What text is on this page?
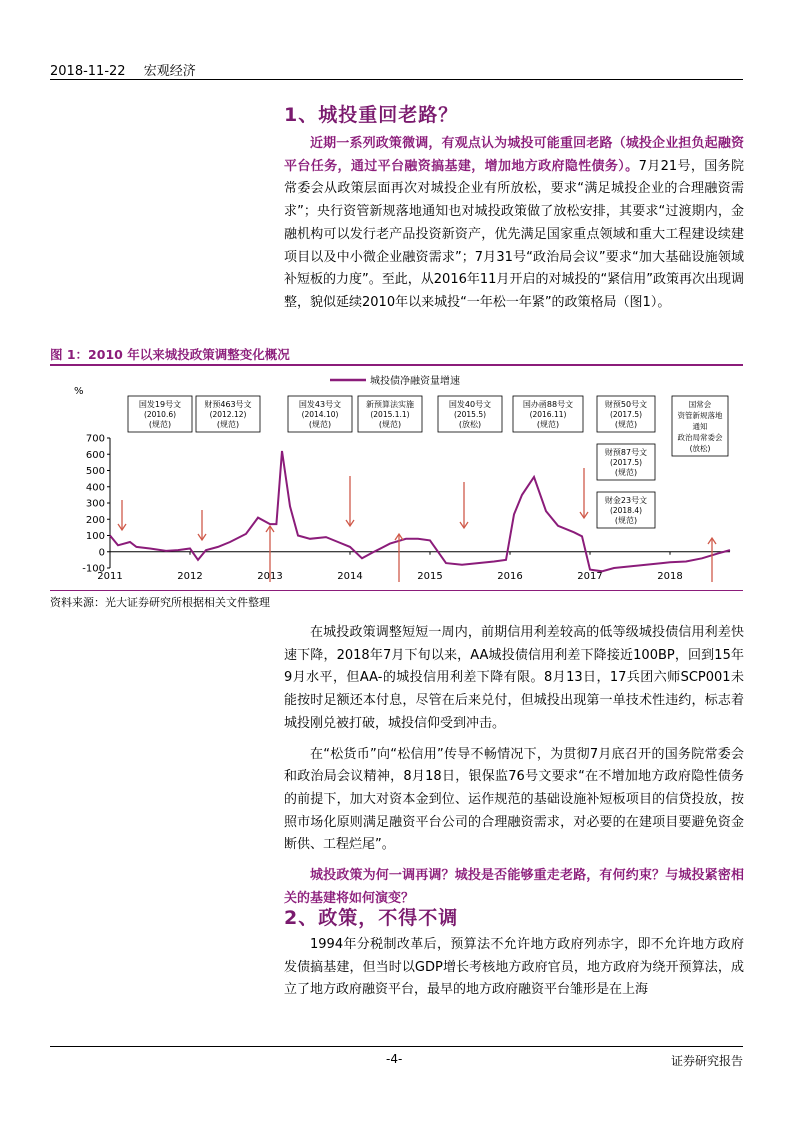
2018-11-22 宏观经济
1、城投重回老路？

近期一系列政策微调，有观点认为城投可能重回老路（城投企业担负起融资平台任务，通过平台融资搞基建，增加地方政府隐性债务）。7月21号，国务院常委会从政策层面再次对城投企业有所放松，要求“满足城投企业的合理融资需求”；央行资管新规落地通知也对城投政策做了放松安排，其要求“过渡期内，金融机构可以发行老产品投资新资产，优先满足国家重点领域和重大工程建设续建项目以及中小微企业融资需求”；7月31号“政治局会议”要求“加大基础设施领域补短板的力度”。至此，从2016年11月开启的对城投的“紧信用”政策再次出现调整，貌似延续2010年以来城投“一年松一年紧”的政策格局（图1）。

图 1：2010 年以来城投政策调整变化概况
-100
0
100
200
300
400
500
600
700
%
2011	2012	2013	2014	2015	2016	2017	2018
城投债净融资量增速
国发19号文
(2010.6)
(规范)
财预463号文
(2012.12)
(规范)
国发43号文
(2014.10)
(规范)
新预算法实施
(2015.1.1)
(规范)
国发40号文
(2015.5)
(放松)
国办函88号文
(2016.11)
(规范)
财预50号文
(2017.5)
(规范)
财预87号文
(2017.5)
(规范)
财金23号文
(2018.4)
(规范)
国常会
资管新规落地
通知
政治局常委会
(放松)
资料来源：光大证券研究所根据相关文件整理

在城投政策调整短短一周内，前期信用利差较高的低等级城投债信用利差快速下降，2018年7月下旬以来，AA城投债信用利差下降接近100BP，回到15年9月水平，但AA-的城投信用利差下降有限。8月13日，17兵团六师SCP001未能按时足额还本付息，尽管在后来兑付，但城投出现第一单技术性违约，标志着城投刚兑被打破，城投信仰受到冲击。

在“松货币”向“松信用”传导不畅情况下，为贯彻7月底召开的国务院常委会和政治局会议精神，8月18日，银保监76号文要求“在不增加地方政府隐性债务的前提下，加大对资本金到位、运作规范的基础设施补短板项目的信贷投放，按照市场化原则满足融资平台公司的合理融资需求，对必要的在建项目要避免资金断供、工程烂尾”。

城投政策为何一调再调？城投是否能够重走老路，有何约束？与城投紧密相关的基建将如何演变？

2、政策，不得不调

1994年分税制改革后，预算法不允许地方政府列赤字，即不允许地方政府发债搞基建，但当时以GDP增长考核地方政府官员，地方政府为绕开预算法，成立了地方政府融资平台，最早的地方政府融资平台雏形是在上海

-4-	证券研究报告
